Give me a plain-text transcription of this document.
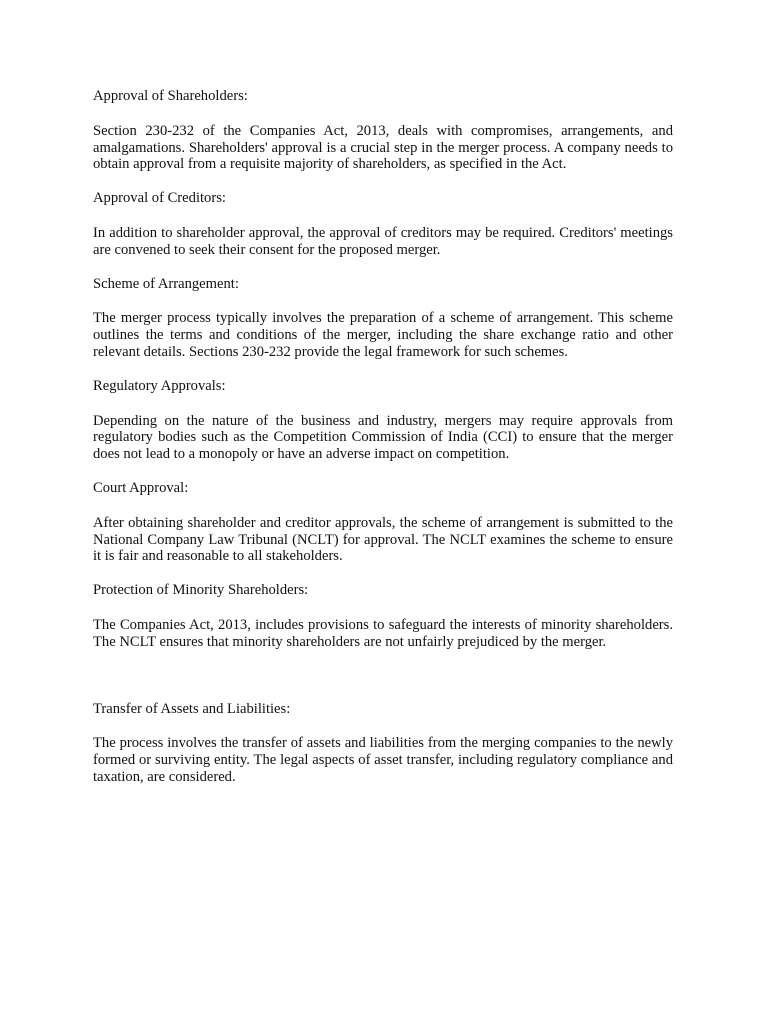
Approval of Shareholders:

Section 230-232 of the Companies Act, 2013, deals with compromises, arrangements, and amalgamations. Shareholders' approval is a crucial step in the merger process. A company needs to obtain approval from a requisite majority of shareholders, as specified in the Act.

Approval of Creditors:

In addition to shareholder approval, the approval of creditors may be required. Creditors' meetings are convened to seek their consent for the proposed merger.

Scheme of Arrangement:

The merger process typically involves the preparation of a scheme of arrangement. This scheme outlines the terms and conditions of the merger, including the share exchange ratio and other relevant details. Sections 230-232 provide the legal framework for such schemes.

Regulatory Approvals:

Depending on the nature of the business and industry, mergers may require approvals from regulatory bodies such as the Competition Commission of India (CCI) to ensure that the merger does not lead to a monopoly or have an adverse impact on competition.

Court Approval:

After obtaining shareholder and creditor approvals, the scheme of arrangement is submitted to the National Company Law Tribunal (NCLT) for approval. The NCLT examines the scheme to ensure it is fair and reasonable to all stakeholders.

Protection of Minority Shareholders:

The Companies Act, 2013, includes provisions to safeguard the interests of minority shareholders. The NCLT ensures that minority shareholders are not unfairly prejudiced by the merger.

Transfer of Assets and Liabilities:

The process involves the transfer of assets and liabilities from the merging companies to the newly formed or surviving entity. The legal aspects of asset transfer, including regulatory compliance and taxation, are considered.
